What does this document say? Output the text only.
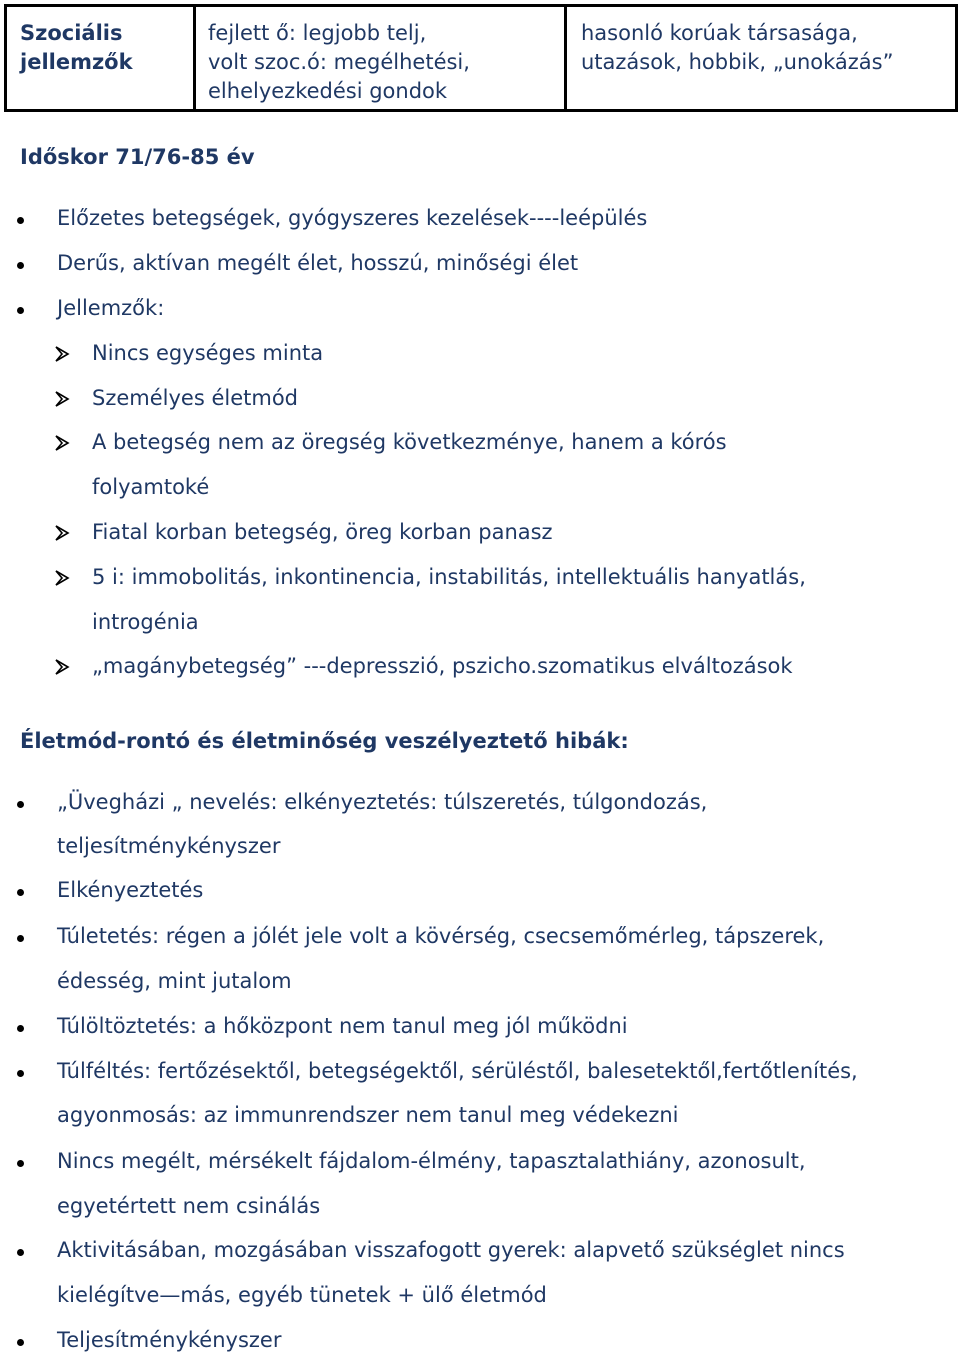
Szociális
jellemzők
fejlett ő: legjobb telj,
volt szoc.ó: megélhetési,
elhelyezkedési gondok
hasonló korúak társasága,
utazások, hobbik, „unokázás”
Időskor 71/76-85 év
Előzetes betegségek, gyógyszeres kezelések----leépülés
Derűs, aktívan megélt élet, hosszú, minőségi élet
Jellemzők:
Nincs egységes minta
Személyes életmód
A betegség nem az öregség következménye, hanem a kórós
folyamtoké
Fiatal korban betegség, öreg korban panasz
5 i: immobolitás, inkontinencia, instabilitás, intellektuális hanyatlás,
introgénia
„magánybetegség” ---depresszió, pszicho.szomatikus elváltozások
Életmód-rontó és életminőség veszélyeztető hibák:
„Üvegházi „ nevelés: elkényeztetés: túlszeretés, túlgondozás,
teljesítménykényszer
Elkényeztetés
Túletetés: régen a jólét jele volt a kövérség, csecsemőmérleg, tápszerek,
édesség, mint jutalom
Túlöltöztetés: a hőközpont nem tanul meg jól működni
Túlféltés: fertőzésektől, betegségektől, sérüléstől, balesetektől,fertőtlenítés,
agyonmosás: az immunrendszer nem tanul meg védekezni
Nincs megélt, mérsékelt fájdalom-élmény, tapasztalathiány, azonosult,
egyetértett nem csinálás
Aktivitásában, mozgásában visszafogott gyerek: alapvető szükséglet nincs
kielégítve—más, egyéb tünetek + ülő életmód
Teljesítménykényszer
